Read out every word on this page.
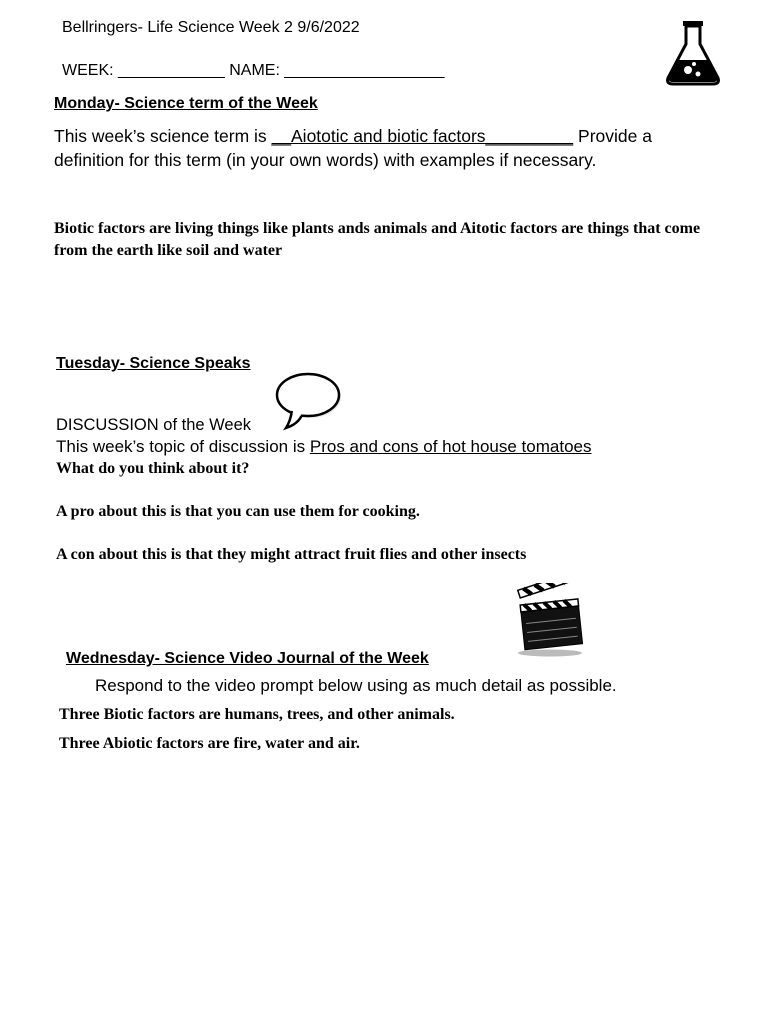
Bellringers- Life Science Week 2 9/6/2022
WEEK: ____________ NAME: __________________
Monday- Science term of the Week
This week’s science term is __Aiototic and biotic factors_________ Provide a
definition for this term (in your own words) with examples if necessary.
Biotic factors are living things like plants ands animals and Aitotic factors are things that come from the earth like soil and water
Tuesday- Science Speaks
DISCUSSION of the Week
This week’s topic of discussion is Pros and cons of hot house tomatoes
What do you think about it?
A pro about this is that you can use them for cooking.
A con about this is that they might attract fruit flies and other insects
Wednesday- Science Video Journal of the Week
Respond to the video prompt below using as much detail as possible.
Three Biotic factors are humans, trees, and other animals.
Three Abiotic factors are fire, water and air.
